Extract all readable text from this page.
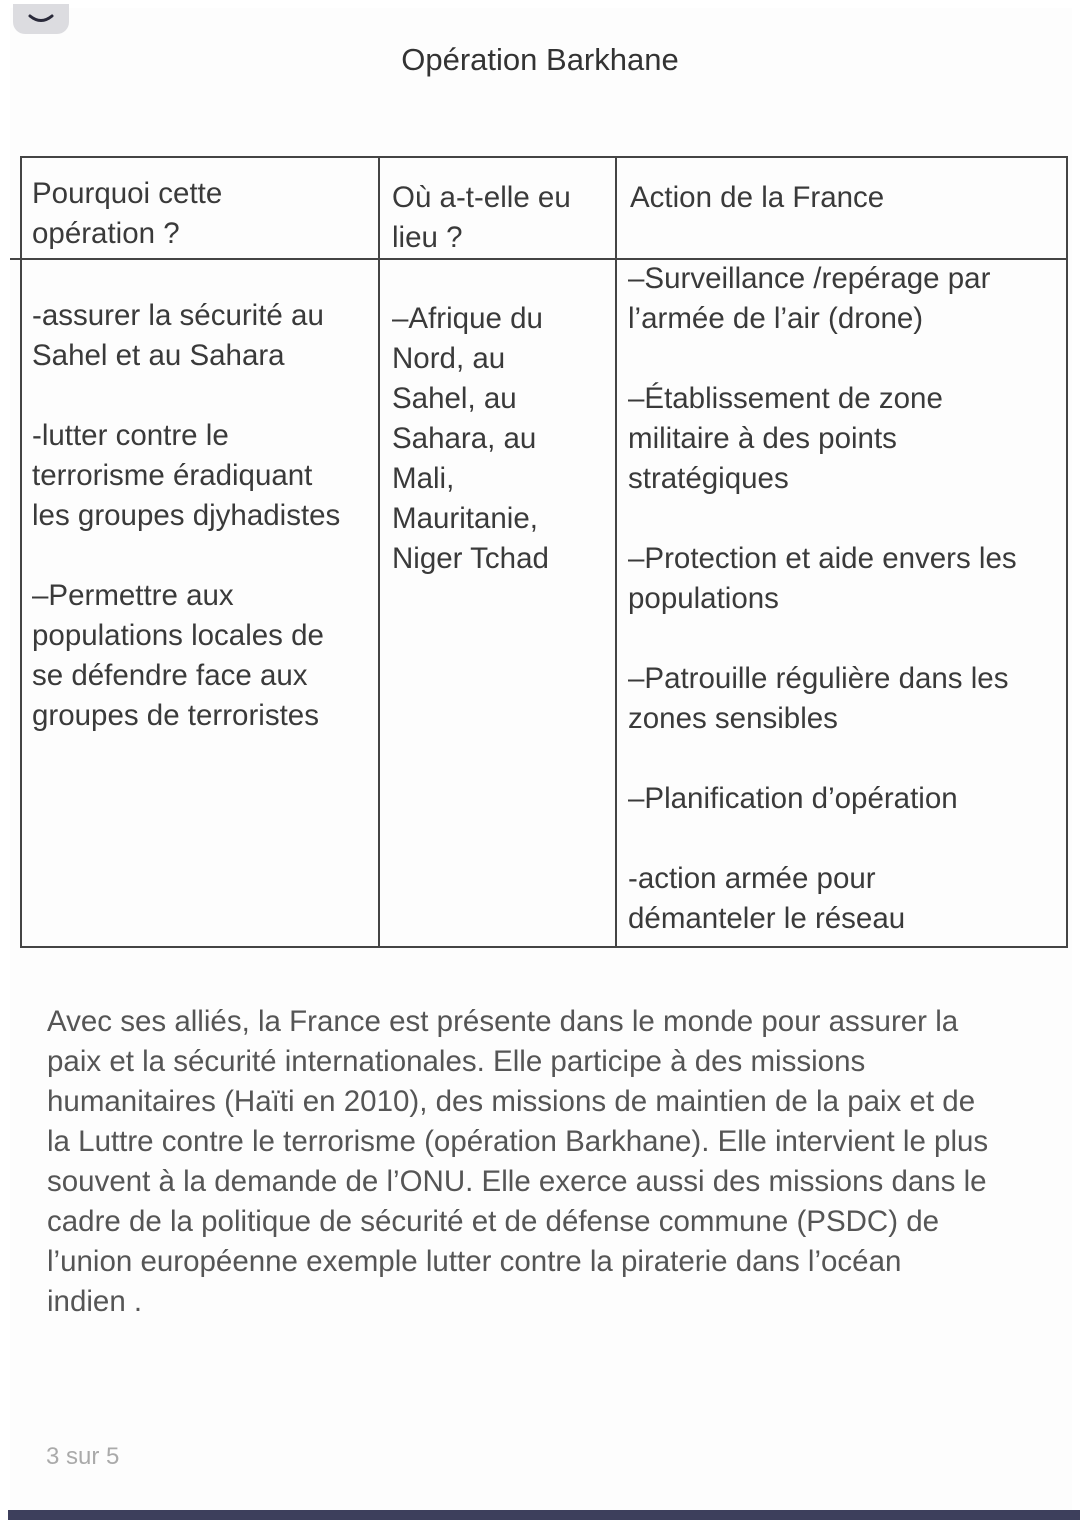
Opération Barkhane
Pourquoi cette
opération ?
Où a-t-elle eu
lieu ?
Action de la France
-assurer la sécurité au
Sahel et au Sahara
-lutter contre le
terrorisme éradiquant
les groupes djyhadistes
–Permettre aux
populations locales de
se défendre face aux
groupes de terroristes
–Afrique du
Nord, au
Sahel, au
Sahara, au
Mali,
Mauritanie,
Niger Tchad
–Surveillance /repérage par
l’armée de l’air (drone)
–Établissement de zone
militaire à des points
stratégiques
–Protection et aide envers les
populations
–Patrouille régulière dans les
zones sensibles
–Planification d’opération
-action armée pour
démanteler le réseau
Avec ses alliés, la France est présente dans le monde pour assurer la
paix et la sécurité internationales. Elle participe à des missions
humanitaires (Haïti en 2010), des missions de maintien de la paix et de
la Luttre contre le terrorisme (opération Barkhane). Elle intervient le plus
souvent à la demande de l’ONU. Elle exerce aussi des missions dans le
cadre de la politique de sécurité et de défense commune (PSDC) de
l’union européenne exemple lutter contre la piraterie dans l’océan
indien .
3 sur 5
